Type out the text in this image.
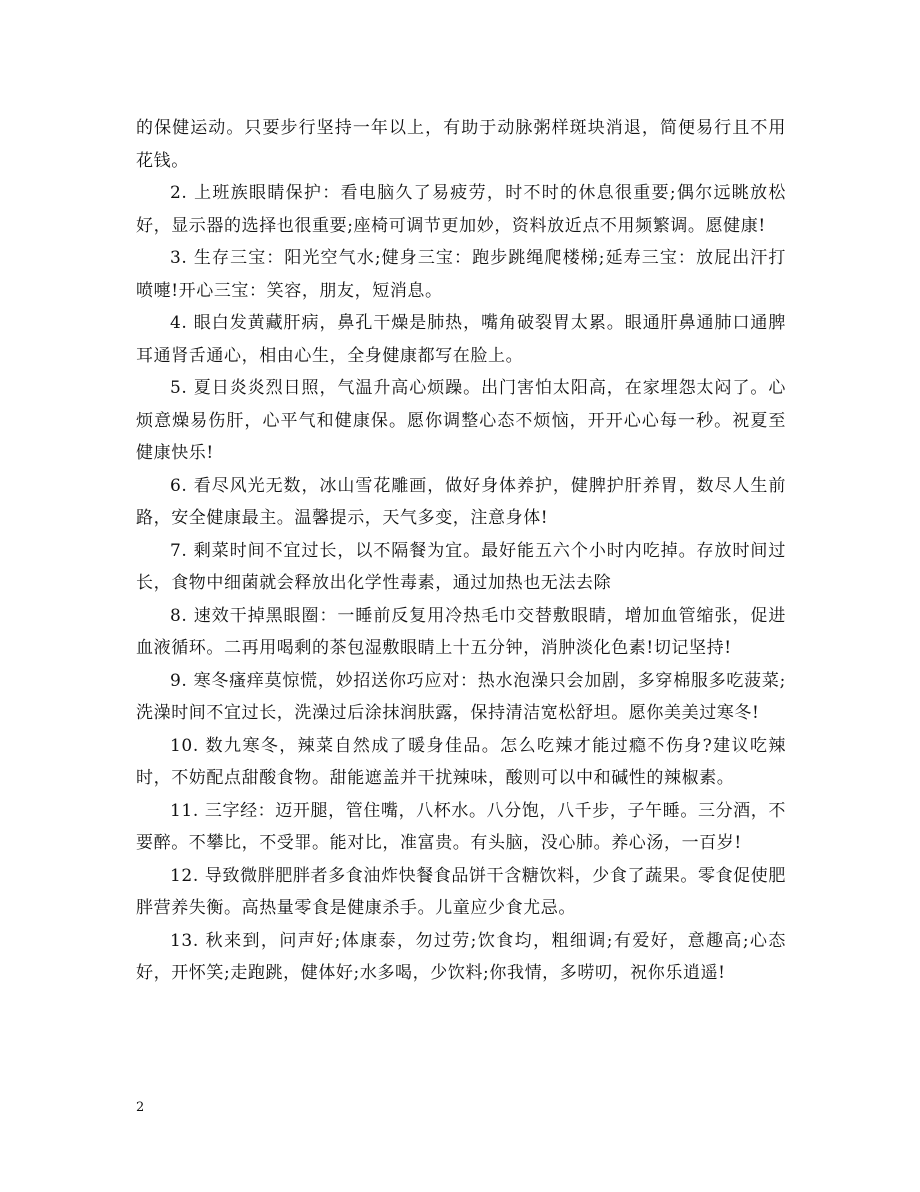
的保健运动。只要步行坚持一年以上，有助于动脉粥样斑块消退，简便易行且不用花钱。

2. 上班族眼睛保护：看电脑久了易疲劳，时不时的休息很重要;偶尔远眺放松好，显示器的选择也很重要;座椅可调节更加妙，资料放近点不用频繁调。愿健康!

3. 生存三宝：阳光空气水;健身三宝：跑步跳绳爬楼梯;延寿三宝：放屁出汗打喷嚏!开心三宝：笑容，朋友，短消息。

4. 眼白发黄藏肝病，鼻孔干燥是肺热，嘴角破裂胃太累。眼通肝鼻通肺口通脾耳通肾舌通心，相由心生，全身健康都写在脸上。

5. 夏日炎炎烈日照，气温升高心烦躁。出门害怕太阳高，在家埋怨太闷了。心烦意燥易伤肝，心平气和健康保。愿你调整心态不烦恼，开开心心每一秒。祝夏至健康快乐!

6. 看尽风光无数，冰山雪花雕画，做好身体养护，健脾护肝养胃，数尽人生前路，安全健康最主。温馨提示，天气多变，注意身体!

7. 剩菜时间不宜过长，以不隔餐为宜。最好能五六个小时内吃掉。存放时间过长，食物中细菌就会释放出化学性毒素，通过加热也无法去除

8. 速效干掉黑眼圈：一睡前反复用冷热毛巾交替敷眼睛，增加血管缩张，促进血液循环。二再用喝剩的茶包湿敷眼睛上十五分钟，消肿淡化色素!切记坚持!

9. 寒冬瘙痒莫惊慌，妙招送你巧应对：热水泡澡只会加剧，多穿棉服多吃菠菜;洗澡时间不宜过长，洗澡过后涂抹润肤露，保持清洁宽松舒坦。愿你美美过寒冬!

10. 数九寒冬，辣菜自然成了暖身佳品。怎么吃辣才能过瘾不伤身?建议吃辣时，不妨配点甜酸食物。甜能遮盖并干扰辣味，酸则可以中和碱性的辣椒素。

11. 三字经：迈开腿，管住嘴，八杯水。八分饱，八千步，子午睡。三分酒，不要醉。不攀比，不受罪。能对比，准富贵。有头脑，没心肺。养心汤，一百岁!

12. 导致微胖肥胖者多食油炸快餐食品饼干含糖饮料，少食了蔬果。零食促使肥胖营养失衡。高热量零食是健康杀手。儿童应少食尤忌。

13. 秋来到，问声好;体康泰，勿过劳;饮食均，粗细调;有爱好，意趣高;心态好，开怀笑;走跑跳，健体好;水多喝，少饮料;你我情，多唠叨，祝你乐逍遥!

2
